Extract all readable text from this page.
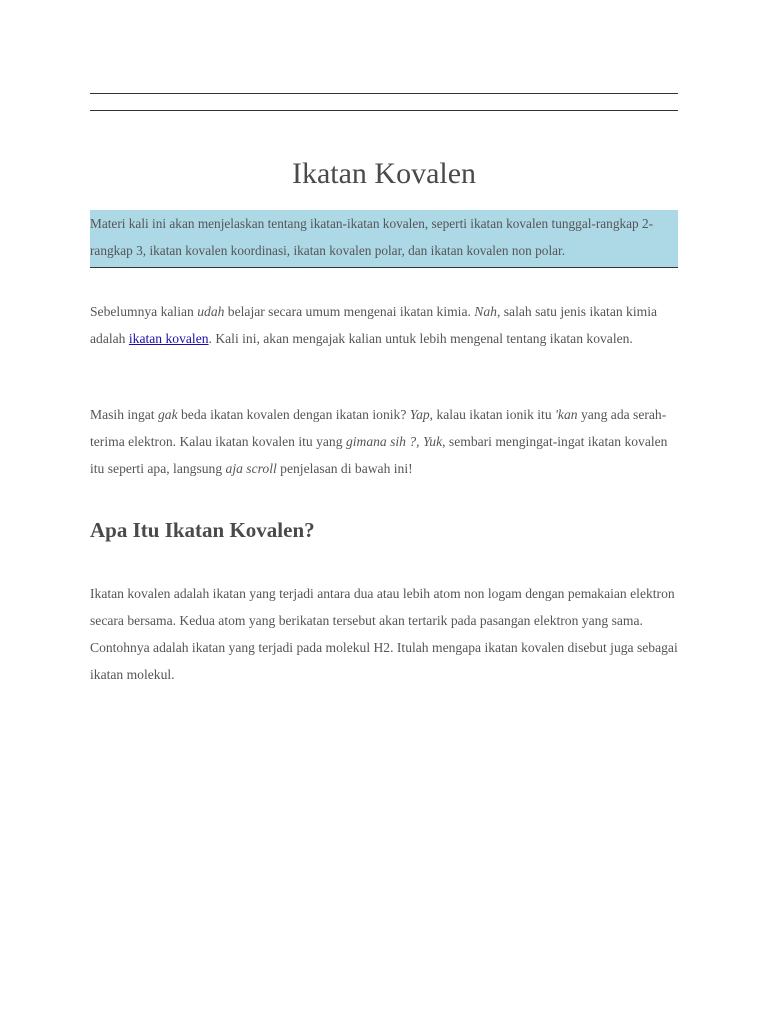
Ikatan Kovalen

Materi kali ini akan menjelaskan tentang ikatan-ikatan kovalen, seperti ikatan kovalen tunggal-rangkap 2-rangkap 3, ikatan kovalen koordinasi, ikatan kovalen polar, dan ikatan kovalen non polar.

Sebelumnya kalian udah belajar secara umum mengenai ikatan kimia. Nah, salah satu jenis ikatan kimia adalah ikatan kovalen. Kali ini, akan mengajak kalian untuk lebih mengenal tentang ikatan kovalen.

Masih ingat gak beda ikatan kovalen dengan ikatan ionik? Yap, kalau ikatan ionik itu 'kan yang ada serah-terima elektron. Kalau ikatan kovalen itu yang gimana sih ?, Yuk, sembari mengingat-ingat ikatan kovalen itu seperti apa, langsung aja scroll penjelasan di bawah ini!

Apa Itu Ikatan Kovalen?

Ikatan kovalen adalah ikatan yang terjadi antara dua atau lebih atom non logam dengan pemakaian elektron secara bersama. Kedua atom yang berikatan tersebut akan tertarik pada pasangan elektron yang sama. Contohnya adalah ikatan yang terjadi pada molekul H2. Itulah mengapa ikatan kovalen disebut juga sebagai ikatan molekul.
